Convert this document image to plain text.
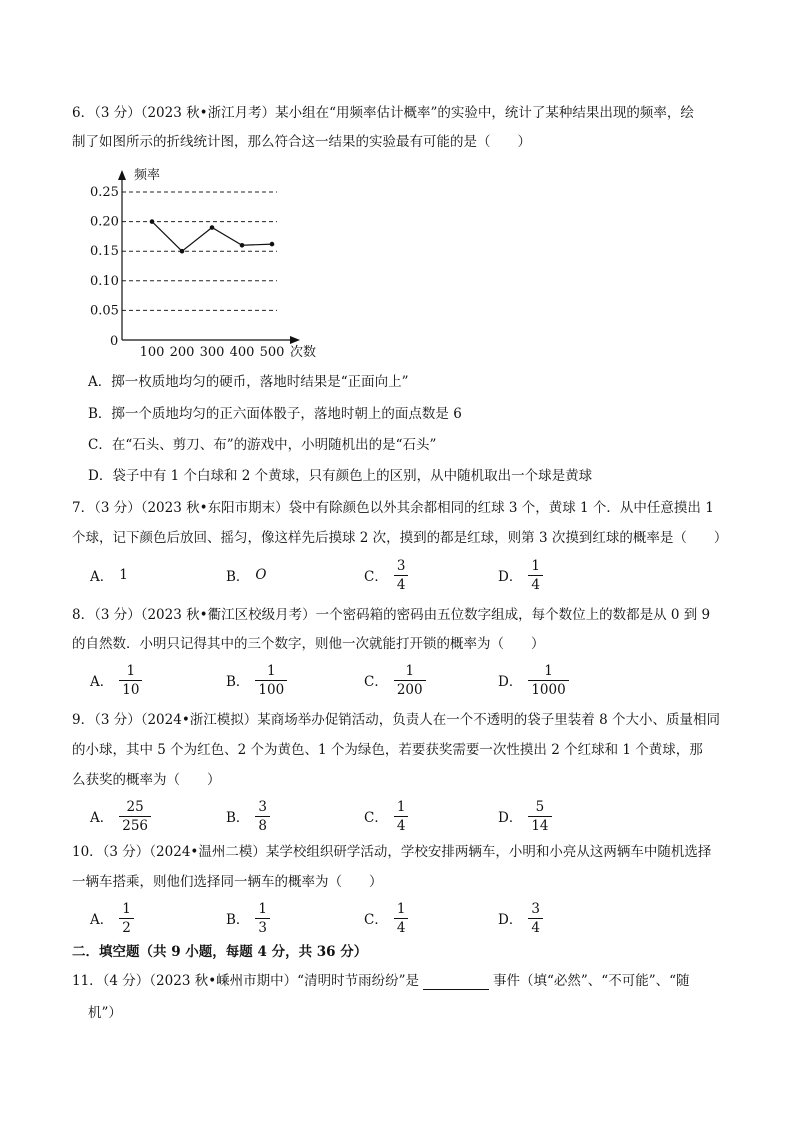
6．（3 分）（2023 秋•浙江月考）某小组在“用频率估计概率”的实验中，统计了某种结果出现的频率，绘
制了如图所示的折线统计图，那么符合这一结果的实验最有可能的是（　　）
频率
次数
0
0.05
0.10
0.15
0.20
0.25
100 200 300 400 500
A．掷一枚质地均匀的硬币，落地时结果是“正面向上”
B．掷一个质地均匀的正六面体骰子，落地时朝上的面点数是 6
C．在“石头、剪刀、布”的游戏中，小明随机出的是“石头”
D．袋子中有 1 个白球和 2 个黄球，只有颜色上的区别，从中随机取出一个球是黄球
7．（3 分）（2023 秋•东阳市期末）袋中有除颜色以外其余都相同的红球 3 个，黄球 1 个．从中任意摸出 1
个球，记下颜色后放回、摇匀，像这样先后摸球 2 次，摸到的都是红球，则第 3 次摸到红球的概率是（　　）
A． 1	B． O	C． $\frac{3}{4}$	D． $\frac{1}{4}$
8．（3 分）（2023 秋•衢江区校级月考）一个密码箱的密码由五位数字组成，每个数位上的数都是从 0 到 9
的自然数．小明只记得其中的三个数字，则他一次就能打开锁的概率为（　　）
A． $\frac{1}{10}$	B． $\frac{1}{100}$	C． $\frac{1}{200}$	D． $\frac{1}{1000}$
9．（3 分）（2024•浙江模拟）某商场举办促销活动，负责人在一个不透明的袋子里装着 8 个大小、质量相同
的小球，其中 5 个为红色、2 个为黄色、1 个为绿色，若要获奖需要一次性摸出 2 个红球和 1 个黄球，那
么获奖的概率为（　　）
A． $\frac{25}{256}$	B． $\frac{3}{8}$	C． $\frac{1}{4}$	D． $\frac{5}{14}$
10．（3 分）（2024•温州二模）某学校组织研学活动，学校安排两辆车，小明和小亮从这两辆车中随机选择
一辆车搭乘，则他们选择同一辆车的概率为（　　）
A． $\frac{1}{2}$	B． $\frac{1}{3}$	C． $\frac{1}{4}$	D． $\frac{3}{4}$
二．填空题（共 9 小题，每题 4 分，共 36 分）
11．（4 分）（2023 秋•嵊州市期中）“清明时节雨纷纷”是	事件（填“必然”、“不可能”、“随
机”）
